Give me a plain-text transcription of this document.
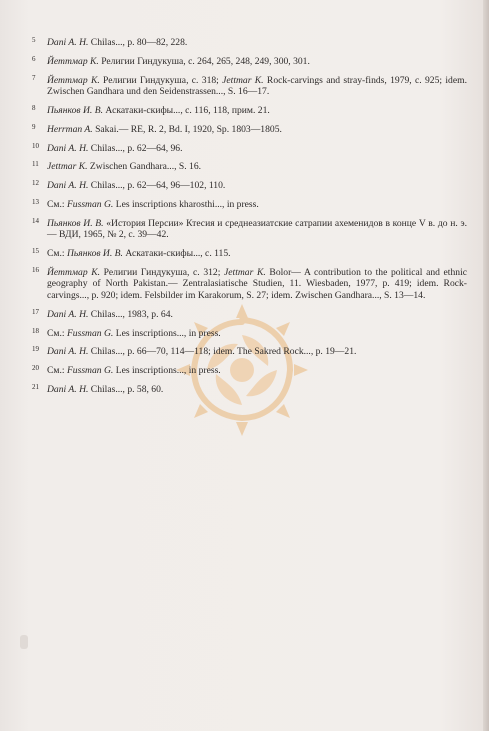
5 Dani A. H. Chilas..., p. 80—82, 228.
6 Йеттмар К. Религии Гиндукуша, с. 264, 265, 248, 249, 300, 301.
7 Йеттмар К. Религии Гиндукуша, с. 318; Jettmar K. Rock-carvings and stray-finds, 1979, c. 925; idem. Zwischen Gandhara und den Seidenstrassen..., S. 16—17.
8 Пьянков И. В. Аскатаки-скифы..., с. 116, 118, прим. 21.
9 Herrman A. Sakai.— RE, R. 2, Bd. I, 1920, Sp. 1803—1805.
10 Dani A. H. Chilas..., p. 62—64, 96.
11 Jettmar K. Zwischen Gandhara..., S. 16.
12 Dani A. H. Chilas..., p. 62—64, 96—102, 110.
13 См.: Fussman G. Les inscriptions kharosthi..., in press.
14 Пьянков И. В. «История Персии» Ктесия и среднеазиатские сатрапии ахеменидов в конце V в. до н. э.— ВДИ, 1965, № 2, с. 39—42.
15 См.: Пьянков И. В. Аскатаки-скифы..., с. 115.
16 Йеттмар К. Религии Гиндукуша, с. 312; Jettmar K. Bolor— A contribution to the political and ethnic geography of North Pakistan.— Zentralasiatische Studien, 11. Wiesbaden, 1977, p. 419; idem. Rock-carvings..., p. 920; idem. Felsbilder im Karakorum, S. 27; idem. Zwischen Gandhara..., S. 13—14.
17 Dani A. H. Chilas..., 1983, p. 64.
18 См.: Fussman G. Les inscriptions..., in press.
19 Dani A. H. Chilas..., p. 66—70, 114—118; idem. The Sakred Rock..., p. 19—21.
20 См.: Fussman G. Les inscriptions..., in press.
21 Dani A. H. Chilas..., p. 58, 60.
